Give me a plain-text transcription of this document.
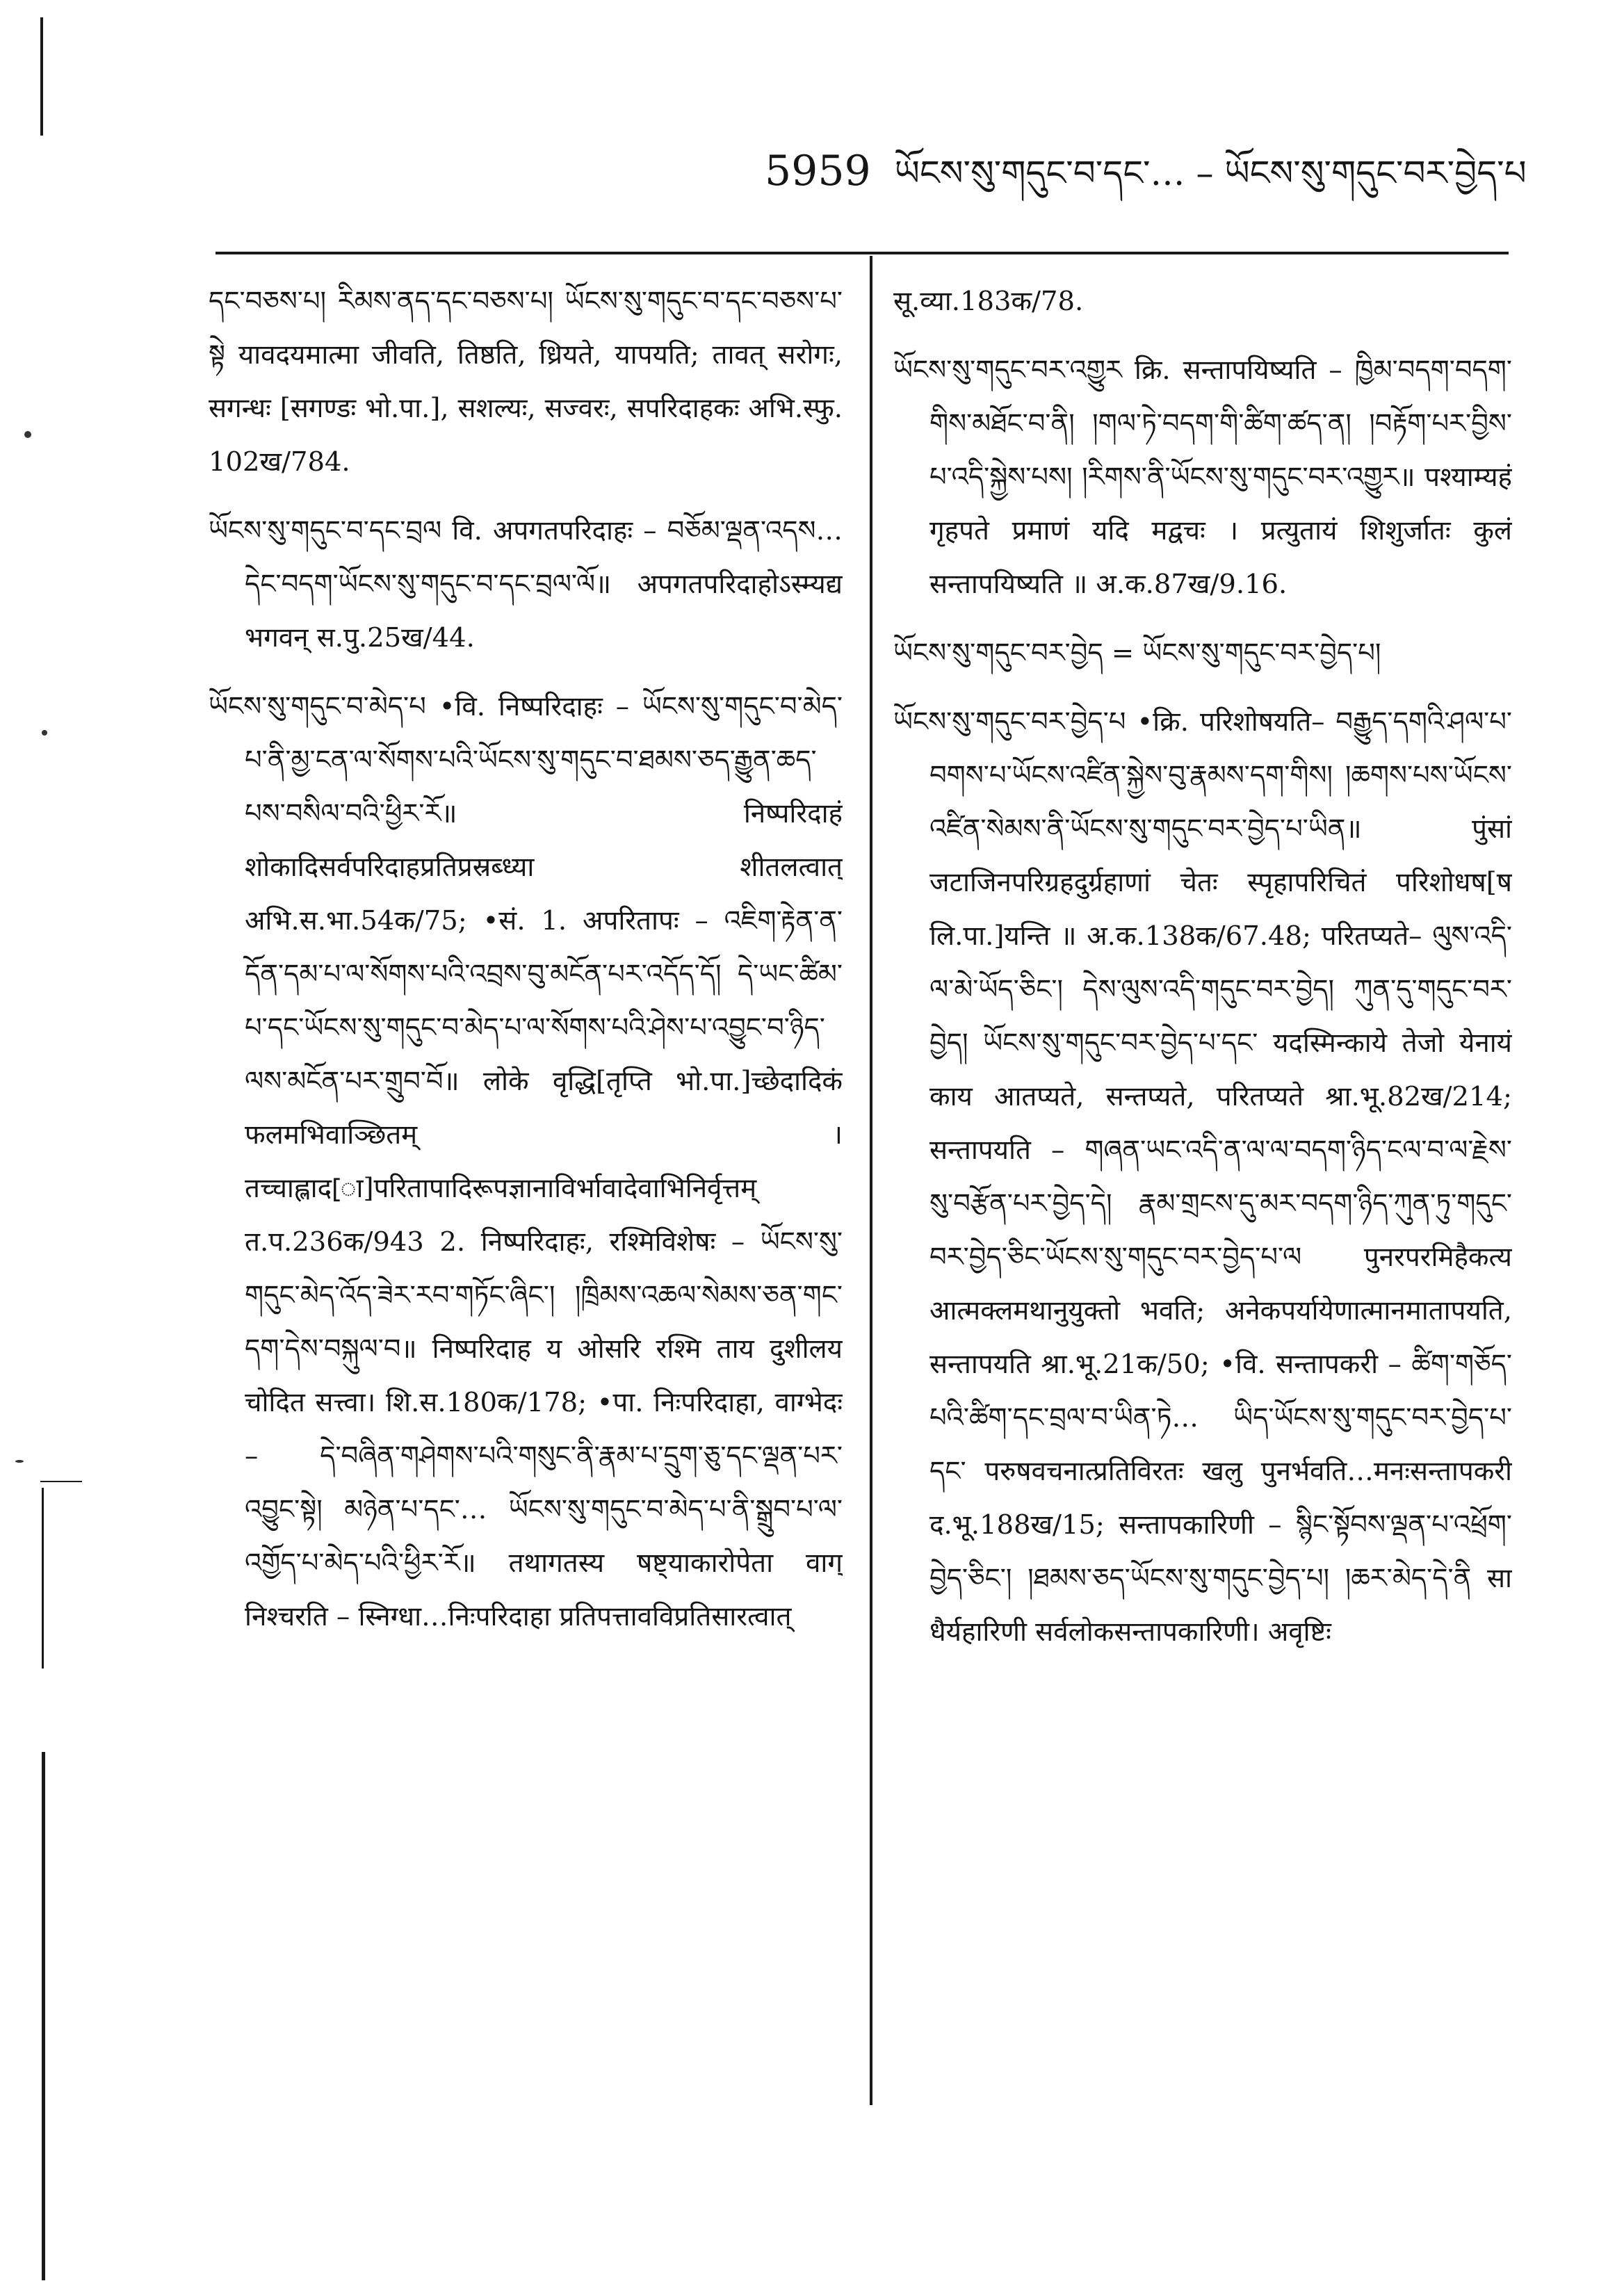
5959 ཡོངས་སུ་གདུང་བ་དང་… – ཡོངས་སུ་གདུང་བར་བྱེད་པ

དང་བཅས་པ། རིམས་ནད་དང་བཅས་པ། ཡོངས་སུ་གདུང་བ་དང་བཅས་པ་སྟེ यावदयमात्मा जीवति, तिष्ठति, ध्रियते, यापयति; तावत् सरोगः, सगन्धः [सगण्डः भो.पा.], सशल्यः, सज्वरः, सपरिदाहकः अभि.स्फु. 102ख/784.

ཡོངས་སུ་གདུང་བ་དང་བྲལ वि. अपगतपरिदाहः – བཅོམ་ལྡན་འདས…དེང་བདག་ཡོངས་སུ་གདུང་བ་དང་བྲལ་ལོ॥ अपगतपरिदाहोऽस्म्यद्य भगवन् स.पु.25ख/44.

ཡོངས་སུ་གདུང་བ་མེད་པ •वि. निष्परिदाहः – ཡོངས་སུ་གདུང་བ་མེད་པ་ནི་མྱ་ངན་ལ་སོགས་པའི་ཡོངས་སུ་གདུང་བ་ཐམས་ཅད་རྒྱུན་ཆད་པས་བསིལ་བའི་ཕྱིར་རོ॥ निष्परिदाहं शोकादिसर्वपरिदाहप्रतिप्रस्रब्ध्या शीतलत्वात् अभि.स.भा.54क/75; •सं. 1. अपरितापः – འཇིག་རྟེན་ན་དོན་དམ་པ་ལ་སོགས་པའི་འབྲས་བུ་མངོན་པར་འདོད་དོ། དེ་ཡང་ཚིམ་པ་དང་ཡོངས་སུ་གདུང་བ་མེད་པ་ལ་སོགས་པའི་ཤེས་པ་འབྱུང་བ་ཉིད་ལས་མངོན་པར་གྲུབ་བོ॥ लोके वृद्धि[तृप्ति भो.पा.]च्छेदादिकं फलमभिवाञ्छितम् । तच्चाह्लाद[ा]परितापादिरूपज्ञानाविर्भावादेवाभिनिर्वृत्तम् त.प.236क/943 2. निष्परिदाहः, रश्मिविशेषः – ཡོངས་སུ་གདུང་མེད་འོད་ཟེར་རབ་གཏོང་ཞིང་། །ཁྲིམས་འཆལ་སེམས་ཅན་གང་དག་དེས་བསྐུལ་བ॥ निष्परिदाह य ओसरि रश्मि ताय दुशीलय चोदित सत्त्वा। शि.स.180क/178; •पा. निःपरिदाहा, वाग्भेदः – དེ་བཞིན་གཤེགས་པའི་གསུང་ནི་རྣམ་པ་དྲུག་ཅུ་དང་ལྡན་པར་འབྱུང་སྟེ། མཉེན་པ་དང་… ཡོངས་སུ་གདུང་བ་མེད་པ་ནི་སྒྲུབ་པ་ལ་འགྱོད་པ་མེད་པའི་ཕྱིར་རོ॥ तथागतस्य षष्ट्याकारोपेता वाग् निश्चरति – स्निग्धा…निःपरिदाहा प्रतिपत्तावविप्रतिसारत्वात्

सू.व्या.183क/78.

ཡོངས་སུ་གདུང་བར་འགྱུར क्रि. सन्तापयिष्यति – ཁྱིམ་བདག་བདག་གིས་མཐོང་བ་ནི། །གལ་ཏེ་བདག་གི་ཚིག་ཚད་ན། །བརྟོག་པར་བྱིས་པ་འདི་སྐྱེས་པས། །རིགས་ནི་ཡོངས་སུ་གདུང་བར་འགྱུར॥ पश्याम्यहं गृहपते प्रमाणं यदि मद्वचः । प्रत्युतायं शिशुर्जातः कुलं सन्तापयिष्यति ॥ अ.क.87ख/9.16.

ཡོངས་སུ་གདུང་བར་བྱེད = ཡོངས་སུ་གདུང་བར་བྱེད་པ།

ཡོངས་སུ་གདུང་བར་བྱེད་པ •क्रि. परिशोषयति– བརྒྱུད་དགའི་ཤལ་པ་བགས་པ་ཡོངས་འཛིན་སྐྱེས་བུ་རྣམས་དག་གིས། །ཆགས་པས་ཡོངས་འཛིན་སེམས་ནི་ཡོངས་སུ་གདུང་བར་བྱེད་པ་ཡིན॥ पुंसां जटाजिनपरिग्रहदुर्ग्रहाणां चेतः स्पृहापरिचितं परिशोधष[ष लि.पा.]यन्ति ॥ अ.क.138क/67.48; परितप्यते– ལུས་འདི་ལ་མེ་ཡོད་ཅིང་། དེས་ལུས་འདི་གདུང་བར་བྱེད། ཀུན་དུ་གདུང་བར་བྱེད། ཡོངས་སུ་གདུང་བར་བྱེད་པ་དང་ यदस्मिन्काये तेजो येनायं काय आतप्यते, सन्तप्यते, परितप्यते श्रा.भू.82ख/214; सन्तापयति – གཞན་ཡང་འདི་ན་ལ་ལ་བདག་ཉིད་ངལ་བ་ལ་རྗེས་སུ་བརྩོན་པར་བྱེད་དེ། རྣམ་གྲངས་དུ་མར་བདག་ཉིད་ཀུན་ཏུ་གདུང་བར་བྱེད་ཅིང་ཡོངས་སུ་གདུང་བར་བྱེད་པ་ལ पुनरपरमिहैकत्य आत्मक्लमथानुयुक्तो भवति; अनेकपर्यायेणात्मानमातापयति, सन्तापयति श्रा.भू.21क/50; •वि. सन्तापकरी – ཚིག་གཅོད་པའི་ཚིག་དང་བྲལ་བ་ཡིན་ཏེ… ཡིད་ཡོངས་སུ་གདུང་བར་བྱེད་པ་དང་ परुषवचनात्प्रतिविरतः खलु पुनर्भवति…मनःसन्तापकरी द.भू.188ख/15; सन्तापकारिणी – སྙིང་སྟོབས་ལྡན་པ་འཕྲོག་བྱེད་ཅིང་། །ཐམས་ཅད་ཡོངས་སུ་གདུང་བྱེད་པ། །ཆར་མེད་དེ་ནི सा धैर्यहारिणी सर्वलोकसन्तापकारिणी। अवृष्टिः
